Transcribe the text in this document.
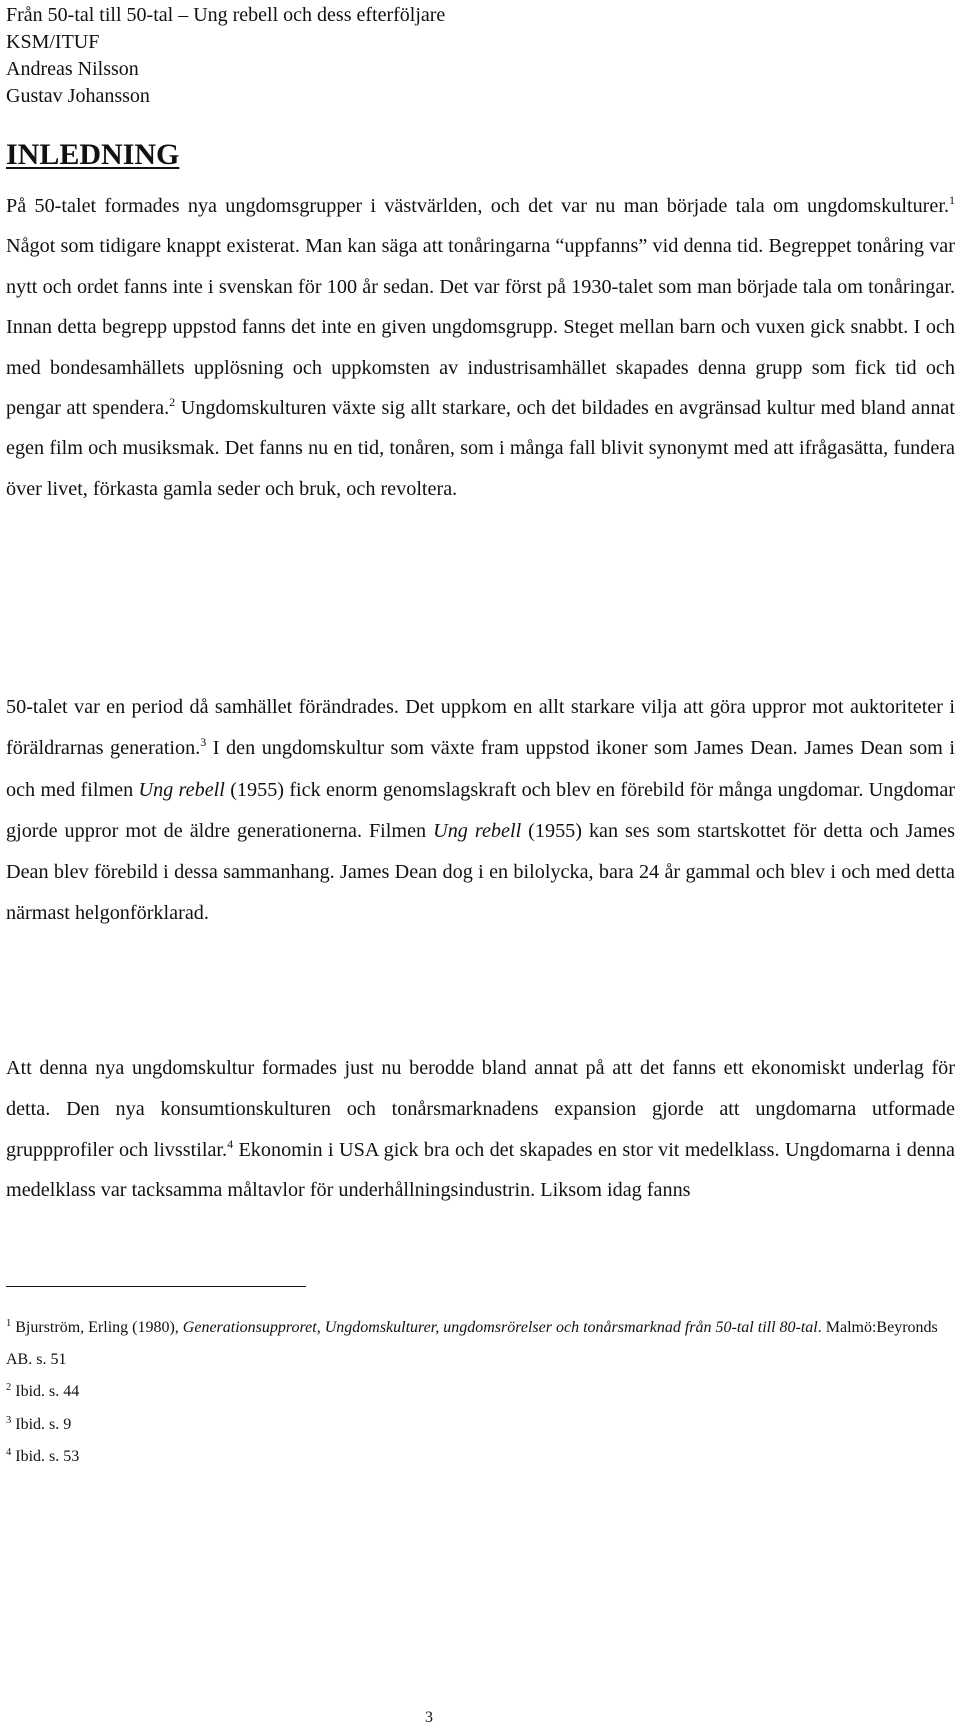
Från 50-tal till 50-tal – Ung rebell och dess efterföljare
KSM/ITUF
Andreas Nilsson
Gustav Johansson
INLEDNING

På 50-talet formades nya ungdomsgrupper i västvärlden, och det var nu man började tala om ungdomskulturer.$^1$ Något som tidigare knappt existerat. Man kan säga att tonåringarna “uppfanns” vid denna tid. Begreppet tonåring var nytt och ordet fanns inte i svenskan för 100 år sedan. Det var först på 1930-talet som man började tala om tonåringar. Innan detta begrepp uppstod fanns det inte en given ungdomsgrupp. Steget mellan barn och vuxen gick snabbt. I och med bondesamhällets upplösning och uppkomsten av industrisamhället skapades denna grupp som fick tid och pengar att spendera.$^2$ Ungdomskulturen växte sig allt starkare, och det bildades en avgränsad kultur med bland annat egen film och musiksmak. Det fanns nu en tid, tonåren, som i många fall blivit synonymt med att ifrågasätta, fundera över livet, förkasta gamla seder och bruk, och revoltera.

50-talet var en period då samhället förändrades. Det uppkom en allt starkare vilja att göra uppror mot auktoriteter i föräldrarnas generation.$^3$ I den ungdomskultur som växte fram uppstod ikoner som James Dean. James Dean som i och med filmen Ung rebell (1955) fick enorm genomslagskraft och blev en förebild för många ungdomar. Ungdomar gjorde uppror mot de äldre generationerna. Filmen Ung rebell (1955) kan ses som startskottet för detta och James Dean blev förebild i dessa sammanhang. James Dean dog i en bilolycka, bara 24 år gammal och blev i och med detta närmast helgonförklarad.

Att denna nya ungdomskultur formades just nu berodde bland annat på att det fanns ett ekonomiskt underlag för detta. Den nya konsumtionskulturen och tonårsmarknadens expansion gjorde att ungdomarna utformade gruppprofiler och livsstilar.$^4$ Ekonomin i USA gick bra och det skapades en stor vit medelklass. Ungdomarna i denna medelklass var tacksamma måltavlor för underhållningsindustrin. Liksom idag fanns

$^1$ Bjurström, Erling (1980), Generationsupproret, Ungdomskulturer, ungdomsrörelser och tonårsmarknad från 50-tal till 80-tal. Malmö:Beyronds AB. s. 51
$^2$ Ibid. s. 44
$^3$ Ibid. s. 9
$^4$ Ibid. s. 53
3
